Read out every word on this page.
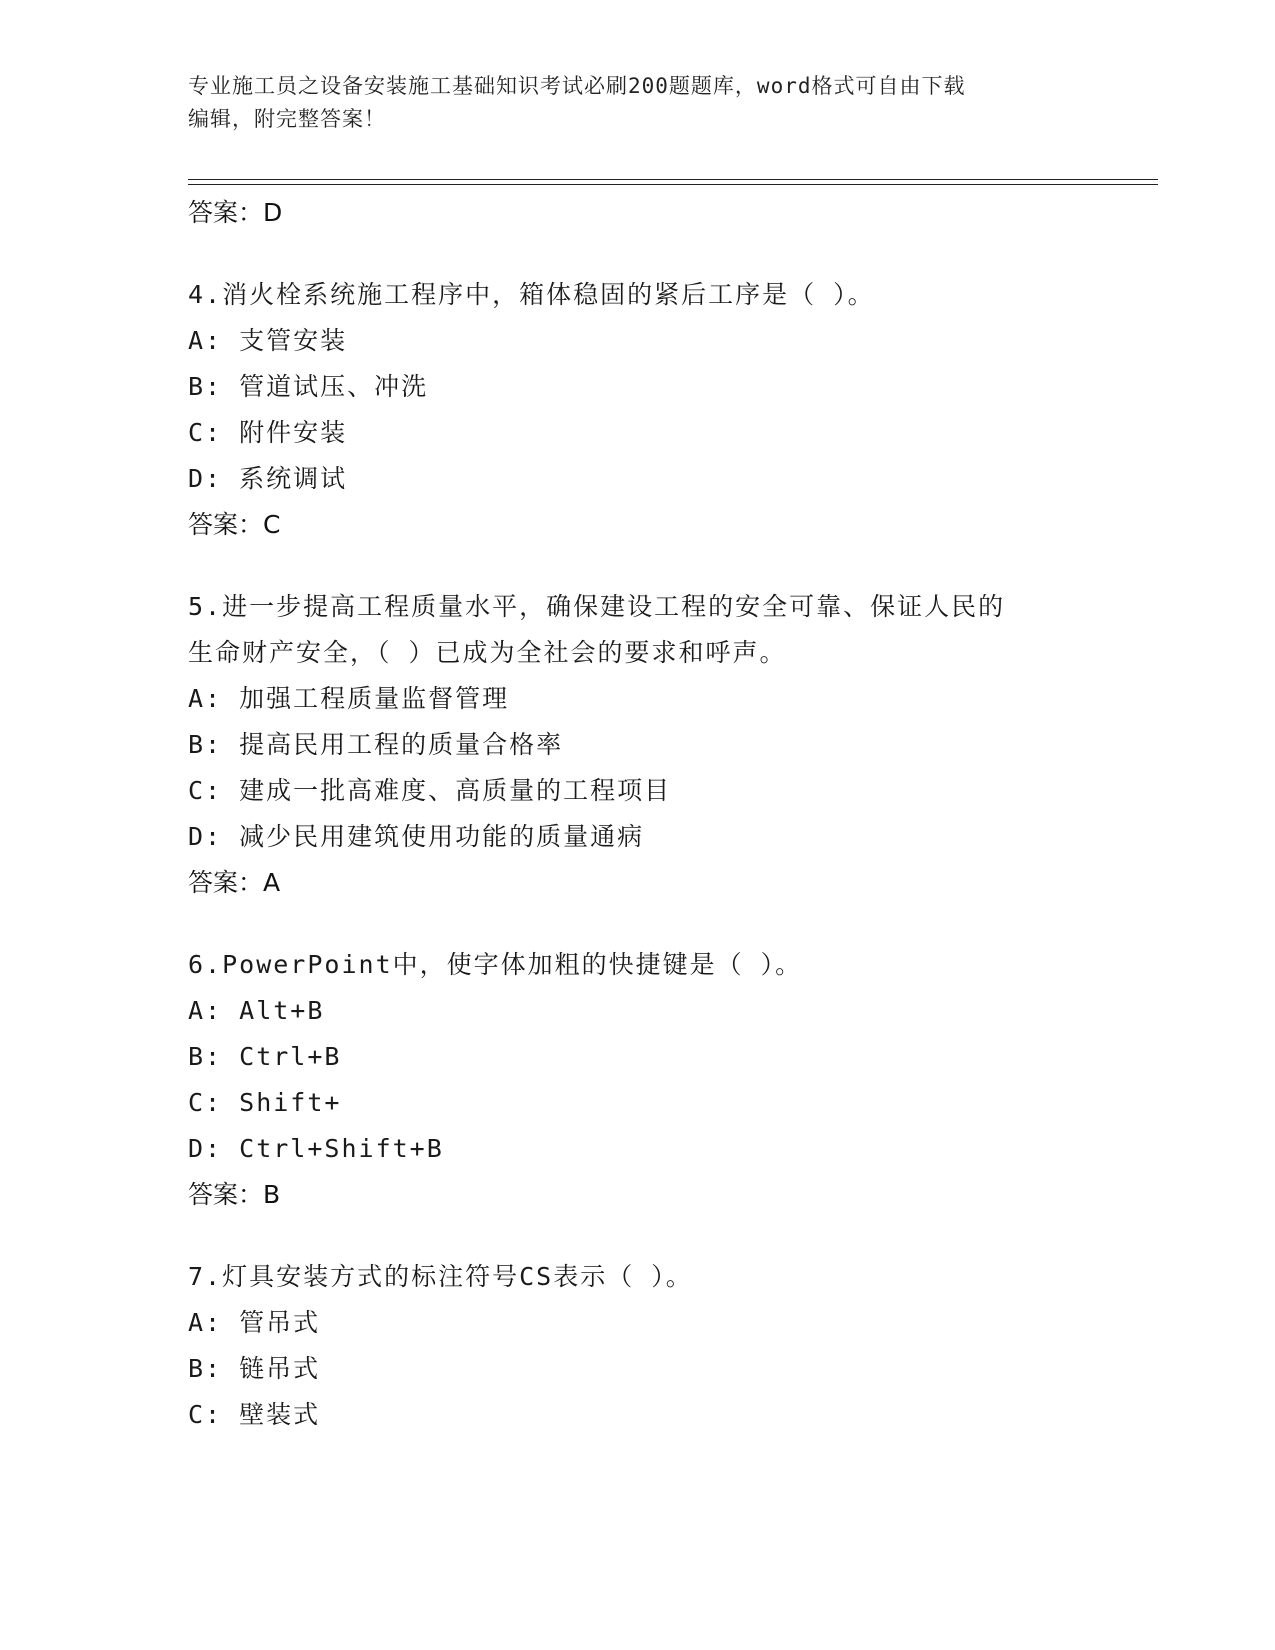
专业施工员之设备安装施工基础知识考试必刷200题题库，word格式可自由下载
编辑，附完整答案！

答案：D

4.消火栓系统施工程序中，箱体稳固的紧后工序是（ ）。

A: 支管安装

B: 管道试压、冲洗

C: 附件安装

D: 系统调试

答案：C

5.进一步提高工程质量水平，确保建设工程的安全可靠、保证人民的

生命财产安全，（ ）已成为全社会的要求和呼声。

A: 加强工程质量监督管理

B: 提高民用工程的质量合格率

C: 建成一批高难度、高质量的工程项目

D: 减少民用建筑使用功能的质量通病

答案：A

6.PowerPoint中，使字体加粗的快捷键是（ ）。

A: Alt+B

B: Ctrl+B

C: Shift+

D: Ctrl+Shift+B

答案：B

7.灯具安装方式的标注符号CS表示（ ）。

A: 管吊式

B: 链吊式

C: 壁装式
